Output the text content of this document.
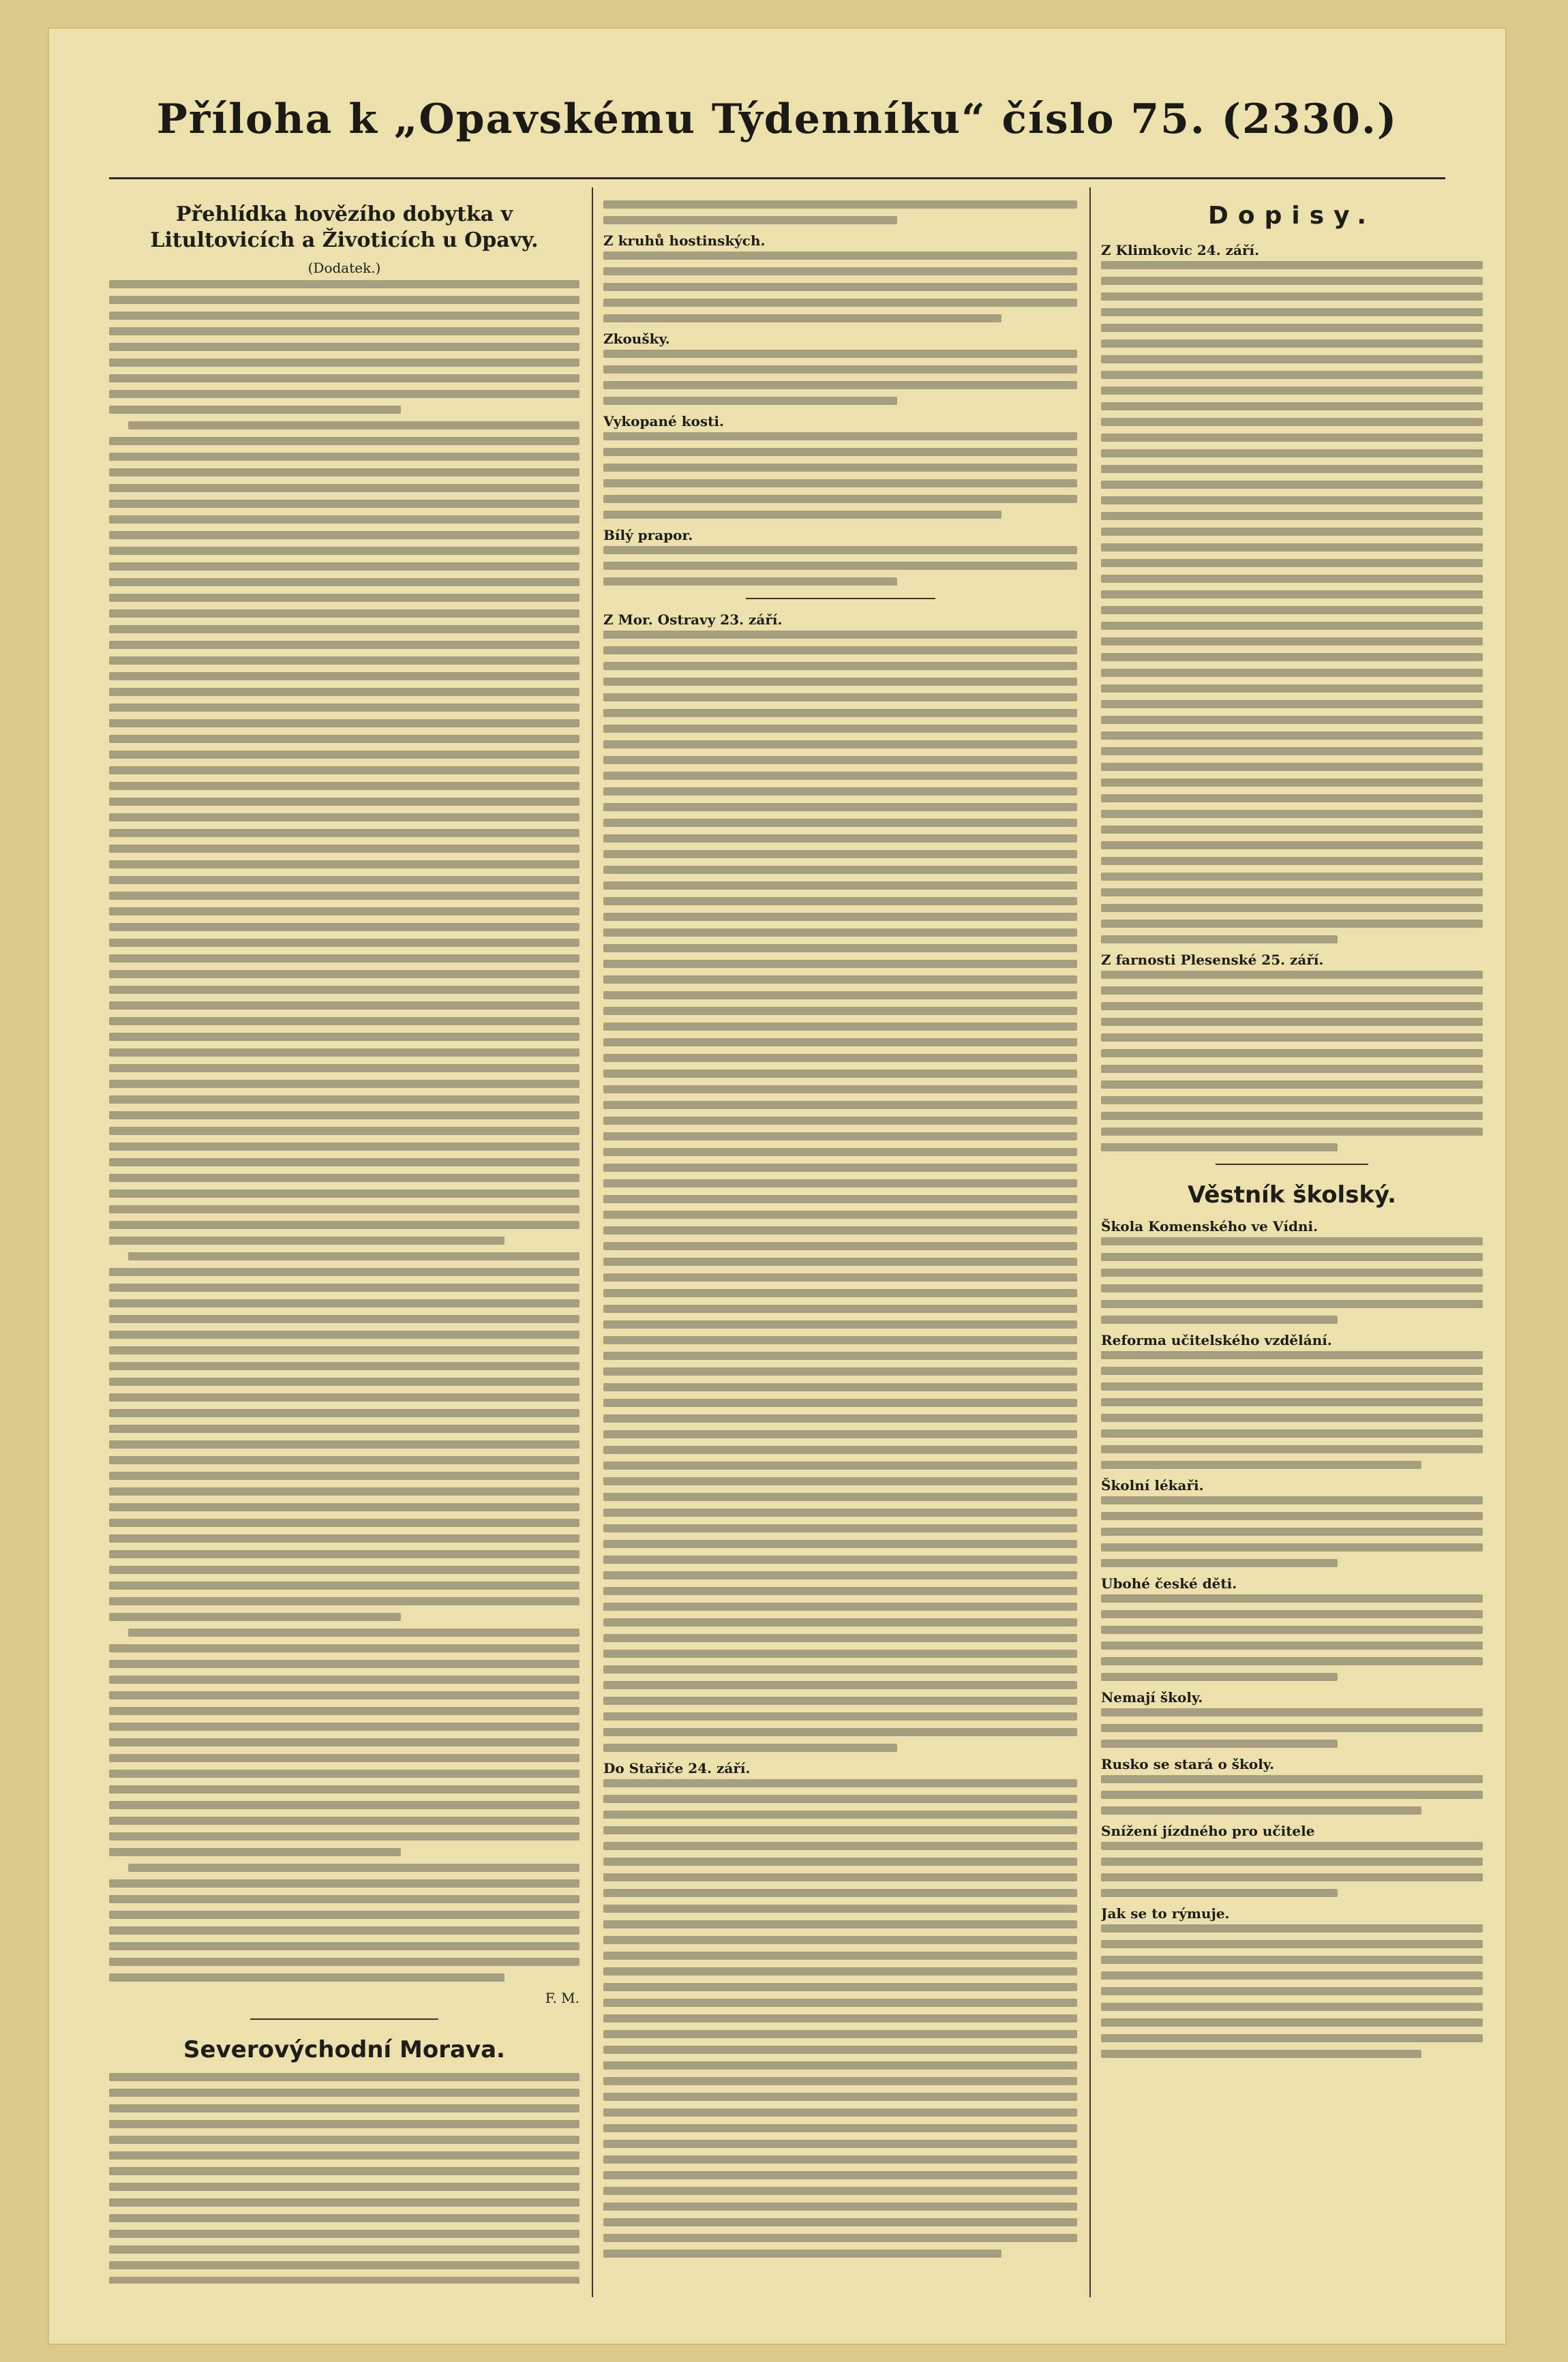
Příloha k „Opavskému Týdenníku“ číslo 75. (2330.)
Přehlídka hovězího dobytka v Litultovicích a Životicích u Opavy.
(Dodatek.)
F. M.
Severovýchodní Morava.
Z kruhů hostinských.
Zkoušky.
Vykopané kosti.
Bílý prapor.
Z Mor. Ostravy 23. září.
Do Stařiče 24. září.
Dopisy.
Z Klimkovic 24. září.
Z farnosti Plesenské 25. září.
Věstník školský.
Škola Komenského ve Vídni.
Reforma učitelského vzdělání.
Školní lékaři.
Ubohé české děti.
Nemají školy.
Rusko se stará o školy.
Snížení jízdného pro učitele
Jak se to rýmuje.
